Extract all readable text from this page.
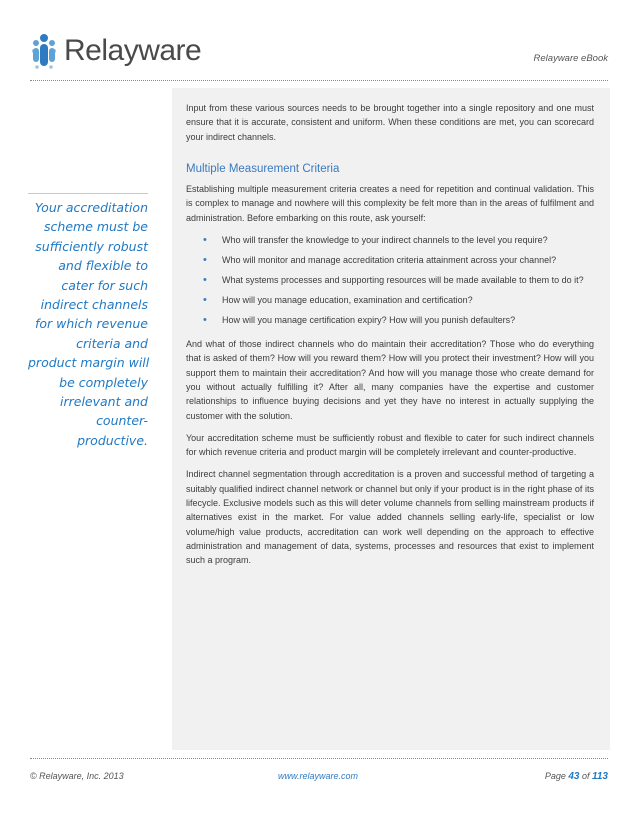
Relayware	Relayware eBook
Your accreditation
scheme must be
sufficiently robust
and flexible to
cater for such
indirect channels
for which revenue
criteria and
product margin will
be completely
irrelevant and
counter-
productive.

Input from these various sources needs to be brought together into a single repository and one must ensure that it is accurate, consistent and uniform. When these conditions are met, you can scorecard your indirect channels.

Multiple Measurement Criteria

Establishing multiple measurement criteria creates a need for repetition and continual validation. This is complex to manage and nowhere will this complexity be felt more than in the areas of fulfilment and administration. Before embarking on this route, ask yourself:

• Who will transfer the knowledge to your indirect channels to the level you require?
• Who will monitor and manage accreditation criteria attainment across your channel?
• What systems processes and supporting resources will be made available to them to do it?
• How will you manage education, examination and certification?
• How will you manage certification expiry? How will you punish defaulters?

And what of those indirect channels who do maintain their accreditation? Those who do everything that is asked of them? How will you reward them? How will you protect their investment? How will you support them to maintain their accreditation? And how will you manage those who create demand for you without actually fulfilling it? After all, many companies have the expertise and customer relationships to influence buying decisions and yet they have no interest in actually supplying the customer with the solution.

Your accreditation scheme must be sufficiently robust and flexible to cater for such indirect channels for which revenue criteria and product margin will be completely irrelevant and counter-productive.

Indirect channel segmentation through accreditation is a proven and successful method of targeting a suitably qualified indirect channel network or channel but only if your product is in the right phase of its lifecycle. Exclusive models such as this will deter volume channels from selling mainstream products if alternatives exist in the market. For value added channels selling early-life, specialist or low volume/high value products, accreditation can work well depending on the approach to effective administration and management of data, systems, processes and resources that exist to implement such a program.

© Relayware, Inc. 2013	www.relayware.com	Page 43 of 113
